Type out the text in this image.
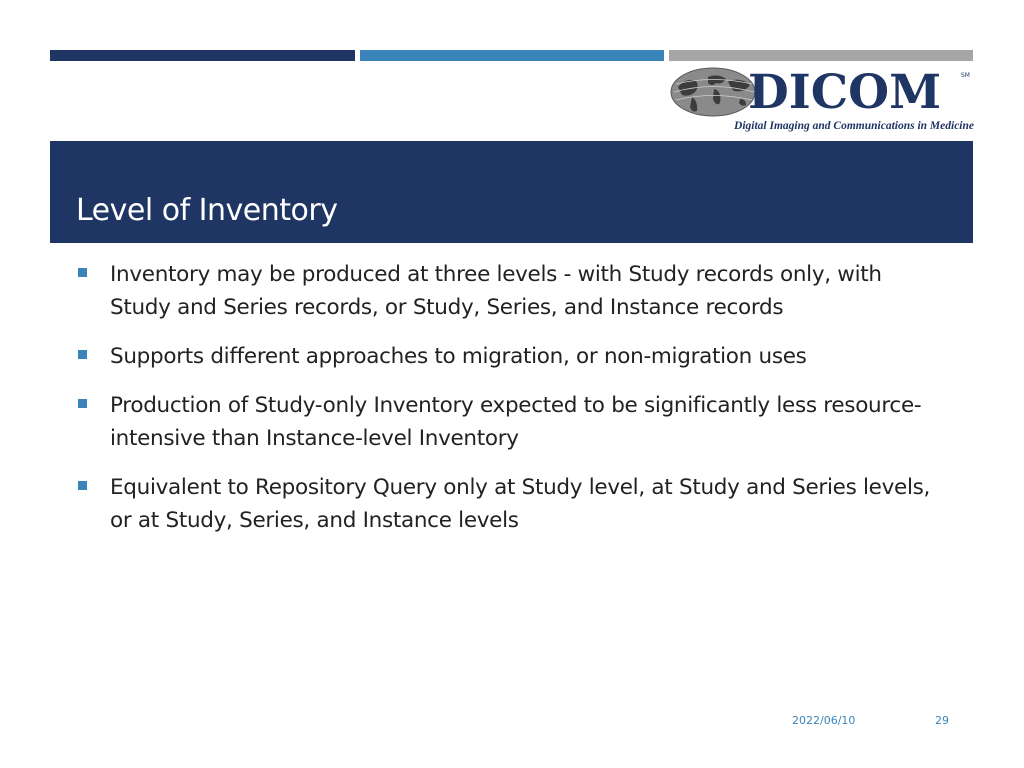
DICOM	SM
Digital Imaging and Communications in Medicine
Level of Inventory
Inventory may be produced at three levels - with Study records only, with Study and Series records, or Study, Series, and Instance records
Supports different approaches to migration, or non-migration uses
Production of Study-only Inventory expected to be significantly less resource-intensive than Instance-level Inventory
Equivalent to Repository Query only at Study level, at Study and Series levels, or at Study, Series, and Instance levels
2022/06/10	29
